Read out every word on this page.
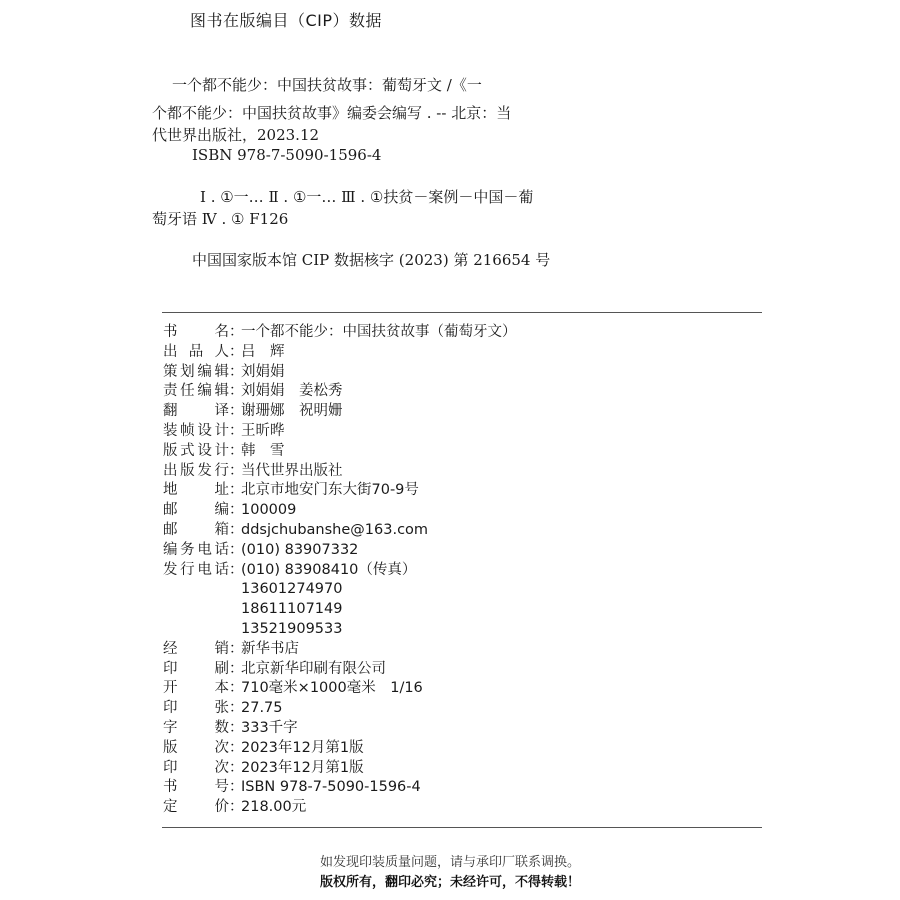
图书在版编目（CIP）数据
一个都不能少：中国扶贫故事：葡萄牙文 /《一
个都不能少：中国扶贫故事》编委会编写 . -- 北京：当
代世界出版社，2023.12
ISBN 978-7-5090-1596-4
Ⅰ . ①一… Ⅱ . ①一… Ⅲ . ①扶贫－案例－中国－葡
萄牙语 Ⅳ . ① F126
中国国家版本馆 CIP 数据核字 (2023) 第 216654 号
书	名 ：
一个都不能少：中国扶贫故事（葡萄牙文）
出 品 人 ：
吕　辉
策 划 编 辑 ：
刘娟娟
责 任 编 辑 ：
刘娟娟　姜松秀
翻	译 ：
谢珊娜　祝明姗
装 帧 设 计 ：
王昕晔
版 式 设 计 ：
韩　雪
出 版 发 行 ：
当代世界出版社
地	址 ：
北京市地安门东大街70-9号
邮	编 ：
100009
邮	箱 ：
ddsjchubanshe@163.com
编 务 电 话 ：
(010) 83907332
发 行 电 话 ：
(010) 83908410（传真）
13601274970
18611107149
13521909533
经	销 ：
新华书店
印	刷 ：
北京新华印刷有限公司
开	本 ：
710毫米×1000毫米　1/16
印	张 ：
27.75
字	数 ：
333千字
版	次 ：
2023年12月第1版
印	次 ：
2023年12月第1版
书	号 ：
ISBN 978-7-5090-1596-4
定	价 ：
218.00元
如发现印装质量问题，请与承印厂联系调换。
版权所有，翻印必究；未经许可，不得转载！
